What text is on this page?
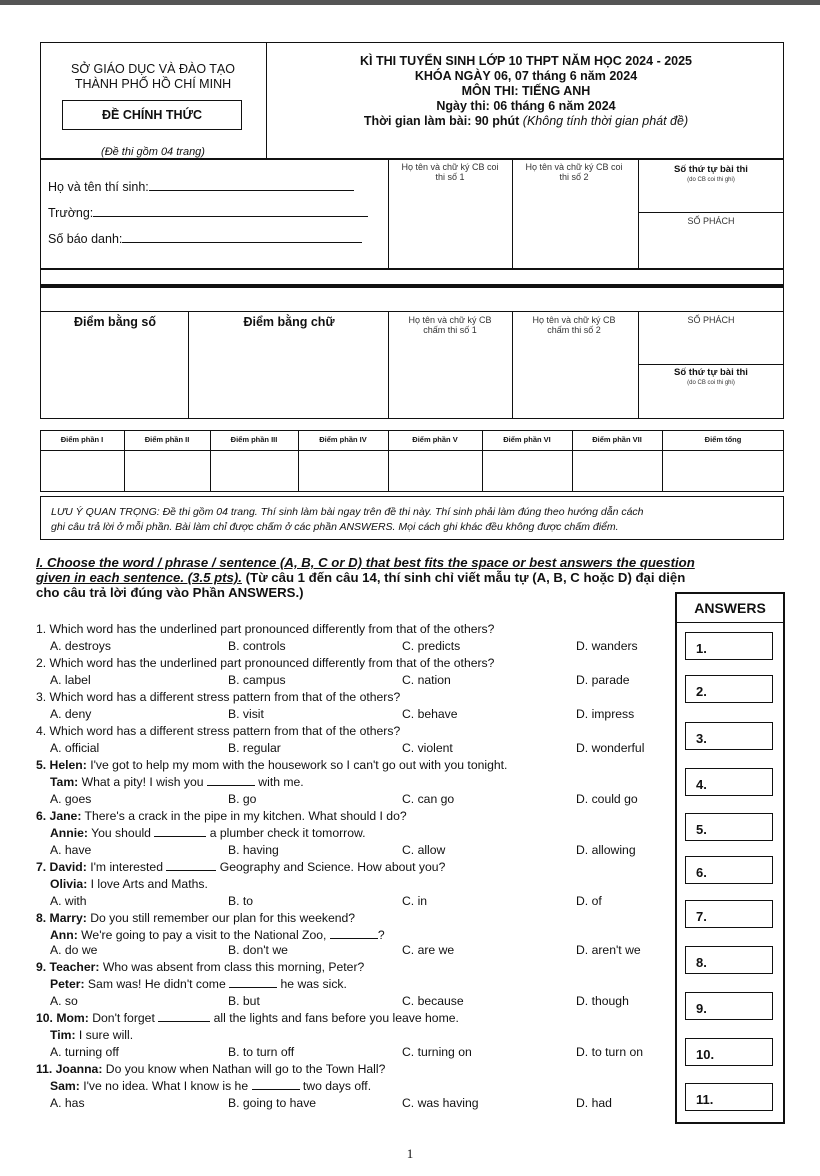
SỞ GIÁO DỤC VÀ ĐÀO TẠO
THÀNH PHỐ HỒ CHÍ MINH
ĐỀ CHÍNH THỨC
(Đề thi gồm 04 trang)
KÌ THI TUYỂN SINH LỚP 10 THPT NĂM HỌC 2024 - 2025
KHÓA NGÀY 06, 07 tháng 6 năm 2024
MÔN THI: TIẾNG ANH
Ngày thi: 06 tháng 6 năm 2024
Thời gian làm bài: 90 phút (Không tính thời gian phát đề)
Họ và tên thí sinh:
Trường:
Số báo danh:
Họ tên và chữ ký CB coi thi số 1
Họ tên và chữ ký CB coi thi số 2
Số thứ tự bài thi
(do CB coi thi ghi)
SỐ PHÁCH
Điểm bằng số	Điểm bằng chữ	Họ tên và chữ ký CB chấm thi số 1
Họ tên và chữ ký CB chấm thi số 2
SỐ PHÁCH
Số thứ tự bài thi
(do CB coi thi ghi)
Điểm phần I	Điểm phần II	Điểm phần III	Điểm phần IV	Điểm phần V	Điểm phần VI	Điểm phần VII	Điểm tổng
LƯU Ý QUAN TRỌNG: Đề thi gồm 04 trang. Thí sinh làm bài ngay trên đề thi này. Thí sinh phải làm đúng theo hướng dẫn cách
ghi câu trả lời ở mỗi phần. Bài làm chỉ được chấm ở các phần ANSWERS. Mọi cách ghi khác đều không được chấm điểm.
I. Choose the word / phrase / sentence (A, B, C or D) that best fits the space or best answers the question
given in each sentence. (3.5 pts). (Từ câu 1 đến câu 14, thí sinh chỉ viết mẫu tự (A, B, C hoặc D) đại diện
cho câu trả lời đúng vào Phần ANSWERS.)
ANSWERS
1.
2.
3.
4.
5.
6.
7.
8.
9.
10.
11.
1. Which word has the underlined part pronounced differently from that of the others?
A. destroys	B. controls	C. predicts	D. wanders
2. Which word has the underlined part pronounced differently from that of the others?
A. label	B. campus	C. nation	D. parade
3. Which word has a different stress pattern from that of the others?
A. deny	B. visit	C. behave	D. impress
4. Which word has a different stress pattern from that of the others?
A. official	B. regular	C. violent	D. wonderful
5. Helen: I've got to help my mom with the housework so I can't go out with you tonight.
Tam: What a pity! I wish you	with me.
A. goes	B. go	C. can go	D. could go
6. Jane: There's a crack in the pipe in my kitchen. What should I do?
Annie: You should	a plumber check it tomorrow.
A. have	B. having	C. allow	D. allowing
7. David: I'm interested	Geography and Science. How about you?
Olivia: I love Arts and Maths.
A. with	B. to	C. in	D. of
8. Marry: Do you still remember our plan for this weekend?
Ann: We're going to pay a visit to the National Zoo,	?
A. do we	B. don't we	C. are we	D. aren't we
9. Teacher: Who was absent from class this morning, Peter?
Peter: Sam was! He didn't come	he was sick.
A. so	B. but	C. because	D. though
10. Mom: Don't forget	all the lights and fans before you leave home.
Tim: I sure will.
A. turning off	B. to turn off	C. turning on	D. to turn on
11. Joanna: Do you know when Nathan will go to the Town Hall?
Sam: I've no idea. What I know is he	two days off.
A. has	B. going to have	C. was having	D. had
1
